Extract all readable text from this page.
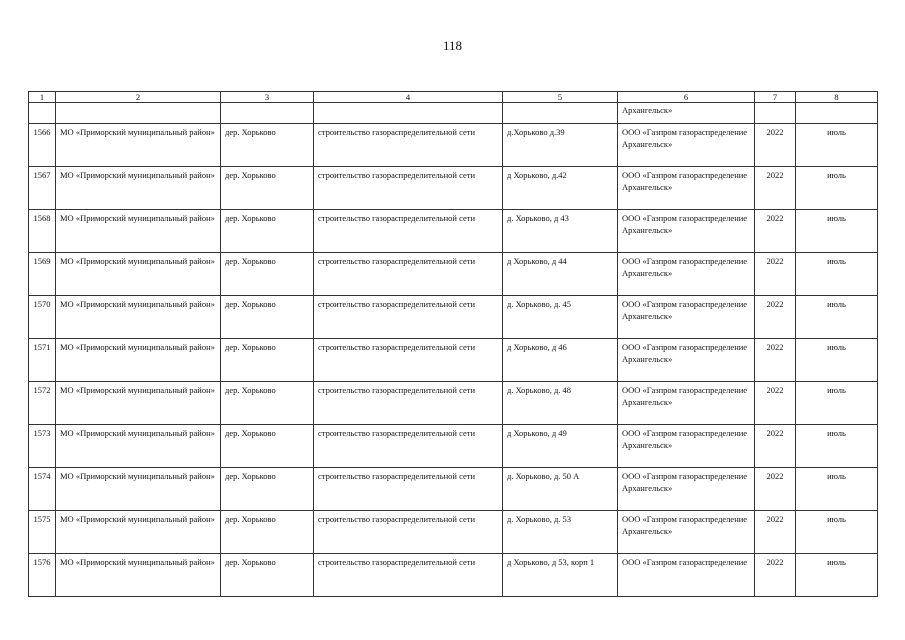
118
1	2	3	4	5	6	7	8
					Архангельск»		
1566	МО «Приморский муниципальный район»	дер. Хорьково	строительство газораспределительной сети	д.Хорьково д.39	ООО «Газпром газораспределение Архангельск»	2022	июль
1567	МО «Приморский муниципальный район»	дер. Хорьково	строительство газораспределительной сети	д Хорьково, д.42	ООО «Газпром газораспределение Архангельск»	2022	июль
1568	МО «Приморский муниципальный район»	дер. Хорьково	строительство газораспределительной сети	д. Хорьково, д 43	ООО «Газпром газораспределение Архангельск»	2022	июль
1569	МО «Приморский муниципальный район»	дер. Хорьково	строительство газораспределительной сети	д Хорьково, д 44	ООО «Газпром газораспределение Архангельск»	2022	июль
1570	МО «Приморский муниципальный район»	дер. Хорьково	строительство газораспределительной сети	д. Хорьково, д. 45	ООО «Газпром газораспределение Архангельск»	2022	июль
1571	МО «Приморский муниципальный район»	дер. Хорьково	строительство газораспределительной сети	д Хорьково, д 46	ООО «Газпром газораспределение Архангельск»	2022	июль
1572	МО «Приморский муниципальный район»	дер. Хорьково	строительство газораспределительной сети	д. Хорьково, д. 48	ООО «Газпром газораспределение Архангельск»	2022	июль
1573	МО «Приморский муниципальный район»	дер. Хорьково	строительство газораспределительной сети	д Хорьково, д 49	ООО «Газпром газораспределение Архангельск»	2022	июль
1574	МО «Приморский муниципальный район»	дер. Хорьково	строительство газораспределительной сети	д. Хорьково, д. 50 А	ООО «Газпром газораспределение Архангельск»	2022	июль
1575	МО «Приморский муниципальный район»	дер. Хорьково	строительство газораспределительной сети	д. Хорьково, д. 53	ООО «Газпром газораспределение Архангельск»	2022	июль
1576	МО «Приморский муниципальный район»	дер. Хорьково	строительство газораспределительной сети	д Хорьково, д 53, корп 1	ООО «Газпром газораспределение	2022	июль
